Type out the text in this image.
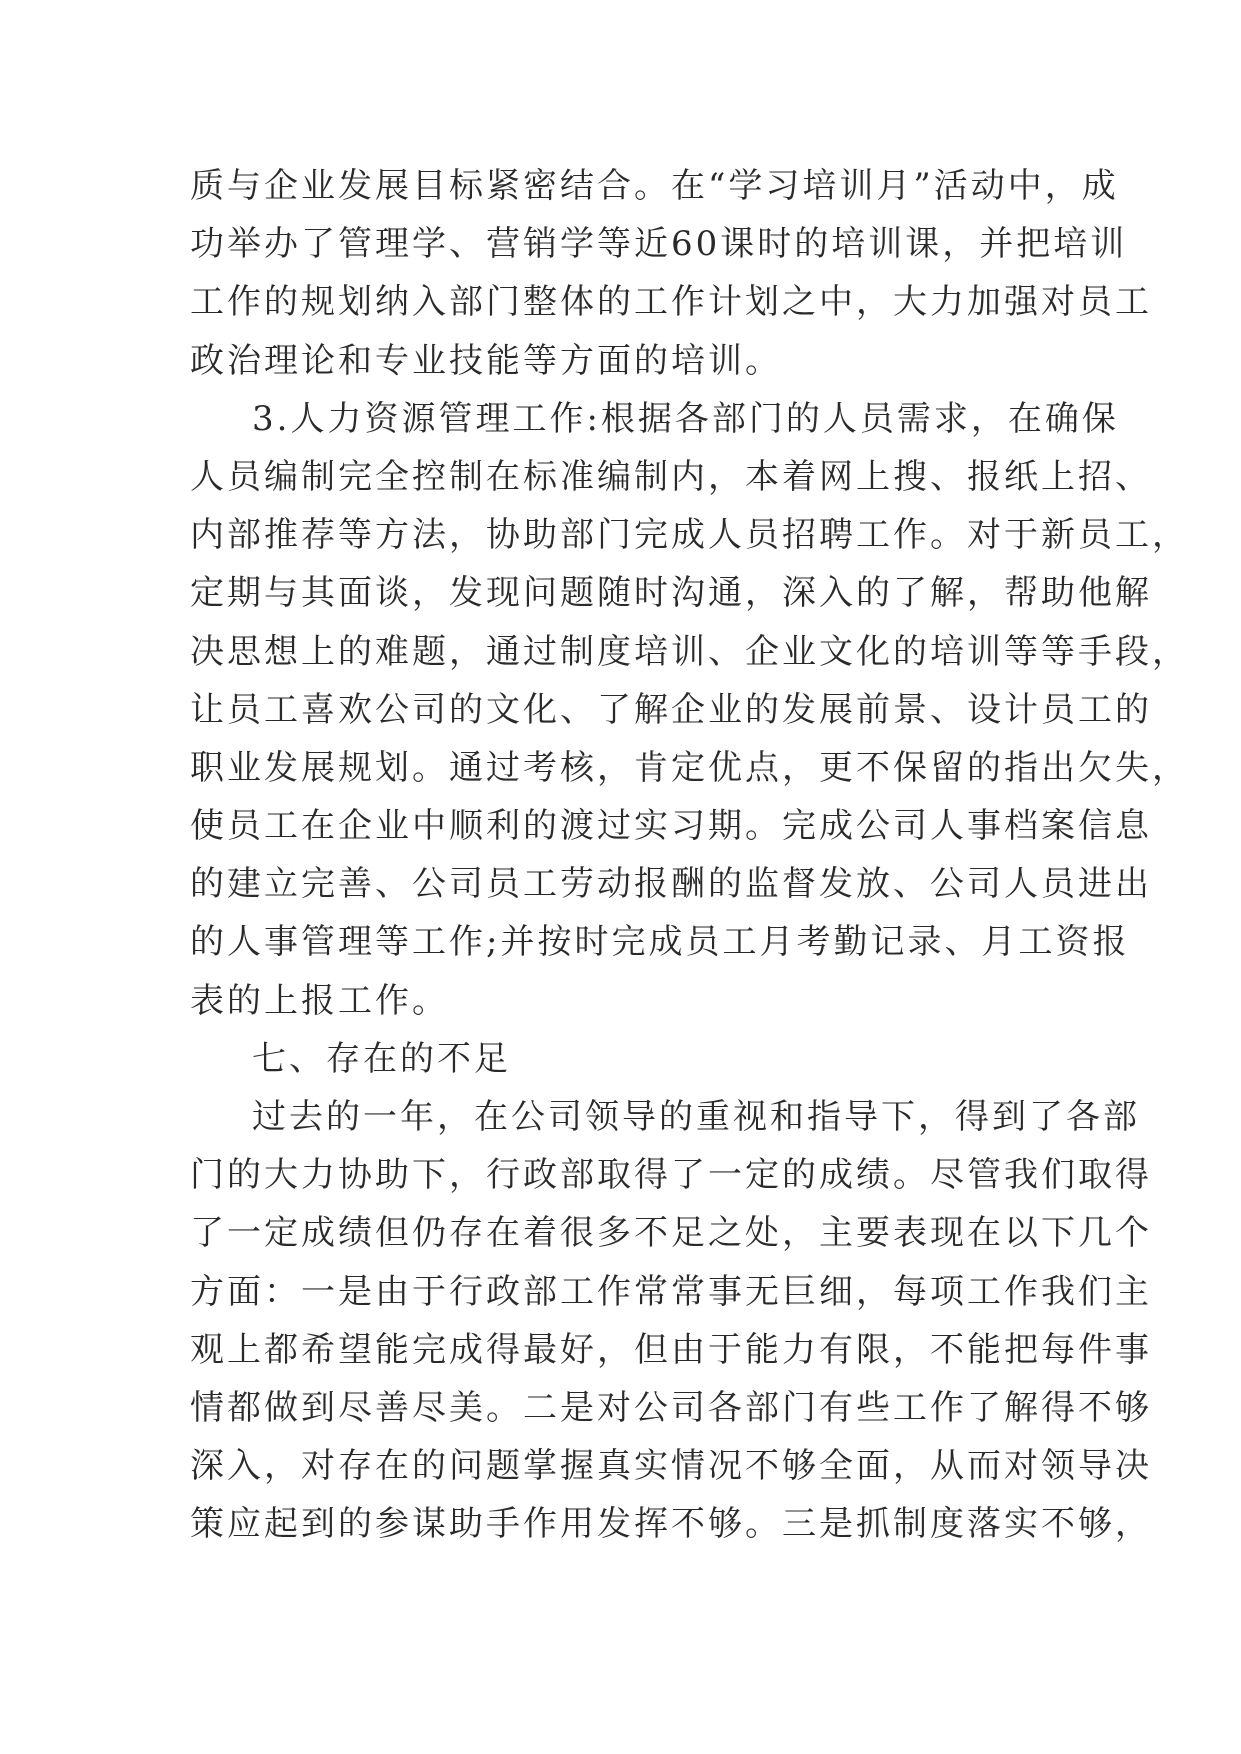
质与企业发展目标紧密结合。在“学习培训月”活动中，成
功举办了管理学、营销学等近60课时的培训课，并把培训
工作的规划纳入部门整体的工作计划之中，大力加强对员工
政治理论和专业技能等方面的培训。
3.人力资源管理工作:根据各部门的人员需求，在确保
人员编制完全控制在标准编制内，本着网上搜、报纸上招、
内部推荐等方法，协助部门完成人员招聘工作。对于新员工，
定期与其面谈，发现问题随时沟通，深入的了解，帮助他解
决思想上的难题，通过制度培训、企业文化的培训等等手段，
让员工喜欢公司的文化、了解企业的发展前景、设计员工的
职业发展规划。通过考核，肯定优点，更不保留的指出欠失，
使员工在企业中顺利的渡过实习期。完成公司人事档案信息
的建立完善、公司员工劳动报酬的监督发放、公司人员进出
的人事管理等工作;并按时完成员工月考勤记录、月工资报
表的上报工作。
七、存在的不足
过去的一年，在公司领导的重视和指导下，得到了各部
门的大力协助下，行政部取得了一定的成绩。尽管我们取得
了一定成绩但仍存在着很多不足之处，主要表现在以下几个
方面：一是由于行政部工作常常事无巨细，每项工作我们主
观上都希望能完成得最好，但由于能力有限，不能把每件事
情都做到尽善尽美。二是对公司各部门有些工作了解得不够
深入，对存在的问题掌握真实情况不够全面，从而对领导决
策应起到的参谋助手作用发挥不够。三是抓制度落实不够，
